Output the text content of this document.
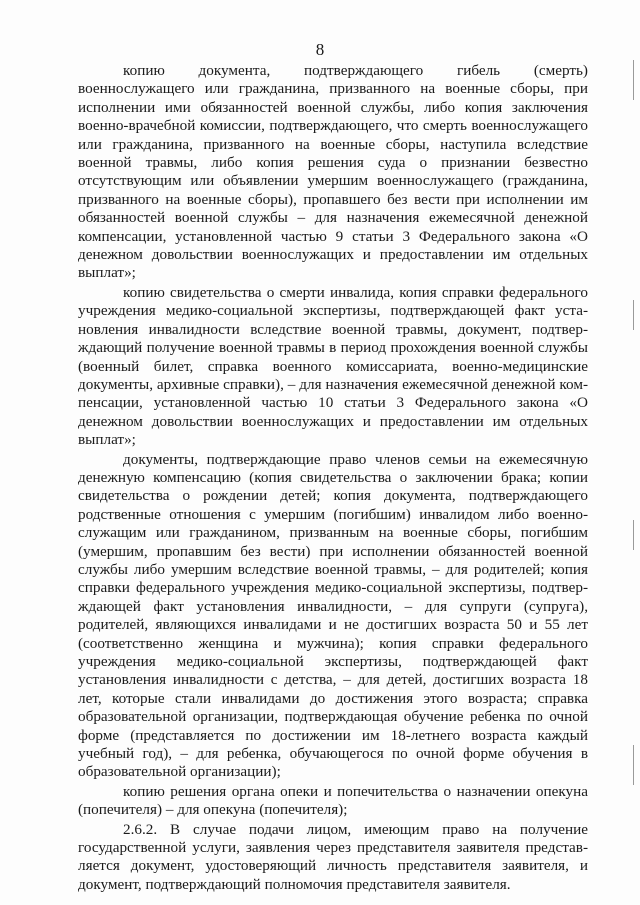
8

копию документа, подтверждающего гибель (смерть) военнослужащего или гражданина, призванного на военные сборы, при исполнении ими обязанностей военной службы, либо копия заключения военно-врачебной комиссии, подтверждающего, что смерть военнослужащего или гражданина, призванного на военные сборы, наступила вследствие военной травмы, либо копия решения суда о признании безвестно отсутствующим или объявлении умершим военнослужащего (гражданина, призванного на военные сборы), пропавшего без вести при исполнении им обязанностей военной службы – для назначения ежемесячной денежной компенсации, установленной частью 9 статьи 3 Федерального закона «О денежном довольствии военнослужащих и предоставлении им отдельных выплат»;

копию свидетельства о смерти инвалида, копия справки федерального учреждения медико-социальной экспертизы, подтверждающей факт установления инвалидности вследствие военной травмы, документ, подтверждающий получение военной травмы в период прохождения военной службы (военный билет, справка военного комиссариата, военно-медицинские документы, архивные справки), – для назначения ежемесячной денежной компенсации, установленной частью 10 статьи 3 Федерального закона «О денежном довольствии военнослужащих и предоставлении им отдельных выплат»;

документы, подтверждающие право членов семьи на ежемесячную денежную компенсацию (копия свидетельства о заключении брака; копии свидетельства о рождении детей; копия документа, подтверждающего родственные отношения с умершим (погибшим) инвалидом либо военнослужащим или гражданином, призванным на военные сборы, погибшим (умершим, пропавшим без вести) при исполнении обязанностей военной службы либо умершим вследствие военной травмы, – для родителей; копия справки федерального учреждения медико-социальной экспертизы, подтверждающей факт установления инвалидности, – для супруги (супруга), родителей, являющихся инвалидами и не достигших возраста 50 и 55 лет (соответственно женщина и мужчина); копия справки федерального учреждения медико-социальной экспертизы, подтверждающей факт установления инвалидности с детства, – для детей, достигших возраста 18 лет, которые стали инвалидами до достижения этого возраста; справка образовательной организации, подтверждающая обучение ребенка по очной форме (представляется по достижении им 18-летнего возраста каждый учебный год), – для ребенка, обучающегося по очной форме обучения в образовательной организации);

копию решения органа опеки и попечительства о назначении опекуна (попечителя) – для опекуна (попечителя);

2.6.2. В случае подачи лицом, имеющим право на получение государственной услуги, заявления через представителя заявителя представляется документ, удостоверяющий личность представителя заявителя, и документ, подтверждающий полномочия представителя заявителя.
